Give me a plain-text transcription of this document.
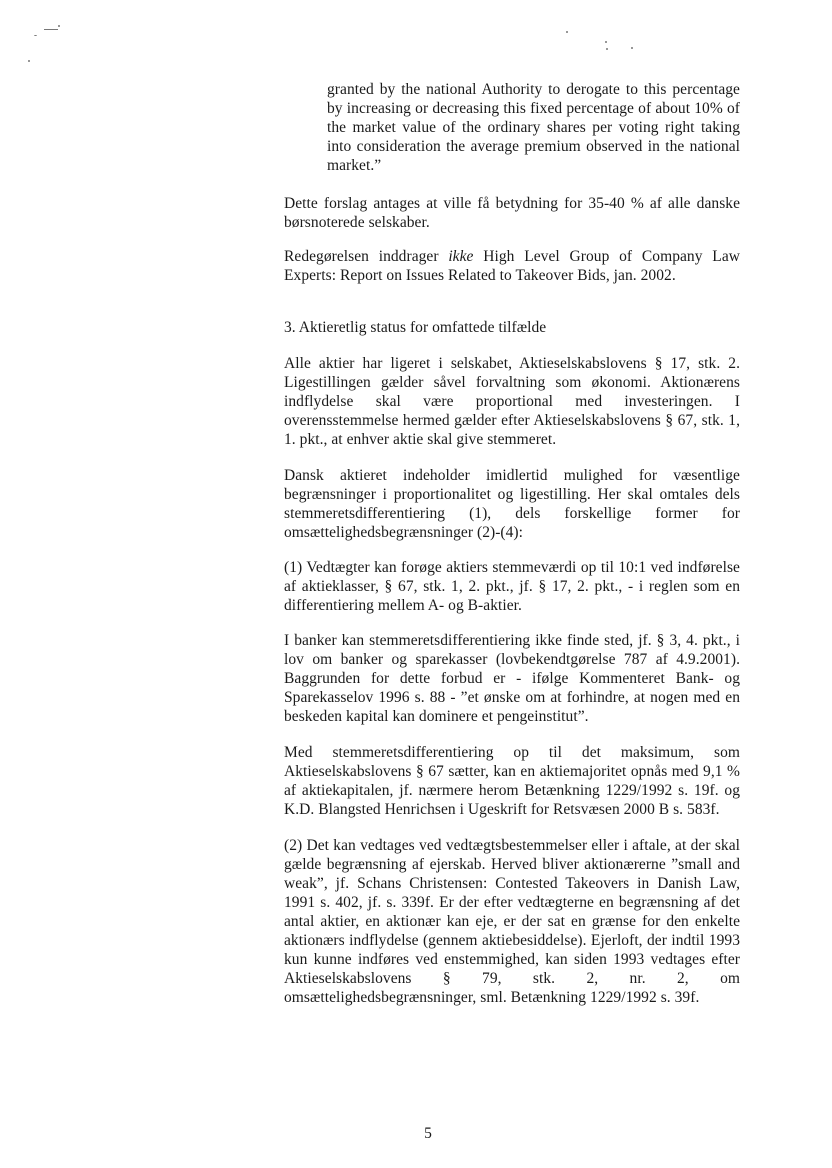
granted by the national Authority to derogate to this percentage by increasing or decreasing this fixed percentage of about 10% of the market value of the ordinary shares per voting right taking into consideration the average premium observed in the national market.”

Dette forslag antages at ville få betydning for 35-40 % af alle danske børsnoterede selskaber.

Redegørelsen inddrager ikke High Level Group of Company Law Experts: Report on Issues Related to Takeover Bids, jan. 2002.

3. Aktieretlig status for omfattede tilfælde

Alle aktier har ligeret i selskabet, Aktieselskabslovens § 17, stk. 2. Ligestillingen gælder såvel forvaltning som økonomi. Aktionærens indflydelse skal være proportional med investeringen. I overensstemmelse hermed gælder efter Aktieselskabslovens § 67, stk. 1, 1. pkt., at enhver aktie skal give stemmeret.

Dansk aktieret indeholder imidlertid mulighed for væsentlige begrænsninger i proportionalitet og ligestilling. Her skal omtales dels stemmeretsdifferentiering (1), dels forskellige former for omsættelighedsbegrænsninger (2)-(4):

(1) Vedtægter kan forøge aktiers stemmeværdi op til 10:1 ved indførelse af aktieklasser, § 67, stk. 1, 2. pkt., jf. § 17, 2. pkt., - i reglen som en differentiering mellem A- og B-aktier.

I banker kan stemmeretsdifferentiering ikke finde sted, jf. § 3, 4. pkt., i lov om banker og sparekasser (lovbekendtgørelse 787 af 4.9.2001). Baggrunden for dette forbud er - ifølge Kommenteret Bank- og Sparekasselov 1996 s. 88 - ”et ønske om at forhindre, at nogen med en beskeden kapital kan dominere et pengeinstitut”.

Med stemmeretsdifferentiering op til det maksimum, som Aktieselskabslovens § 67 sætter, kan en aktiemajoritet opnås med 9,1 % af aktiekapitalen, jf. nærmere herom Betænkning 1229/1992 s. 19f. og K.D. Blangsted Henrichsen i Ugeskrift for Retsvæsen 2000 B s. 583f.

(2) Det kan vedtages ved vedtægtsbestemmelser eller i aftale, at der skal gælde begrænsning af ejerskab. Herved bliver aktionærerne ”small and weak”, jf. Schans Christensen: Contested Takeovers in Danish Law, 1991 s. 402, jf. s. 339f. Er der efter vedtægterne en begrænsning af det antal aktier, en aktionær kan eje, er der sat en grænse for den enkelte aktionærs indflydelse (gennem aktiebesiddelse). Ejerloft, der indtil 1993 kun kunne indføres ved enstemmighed, kan siden 1993 vedtages efter Aktieselskabslovens § 79, stk. 2, nr. 2, om omsættelighedsbegrænsninger, sml. Betænkning 1229/1992 s. 39f.

5
